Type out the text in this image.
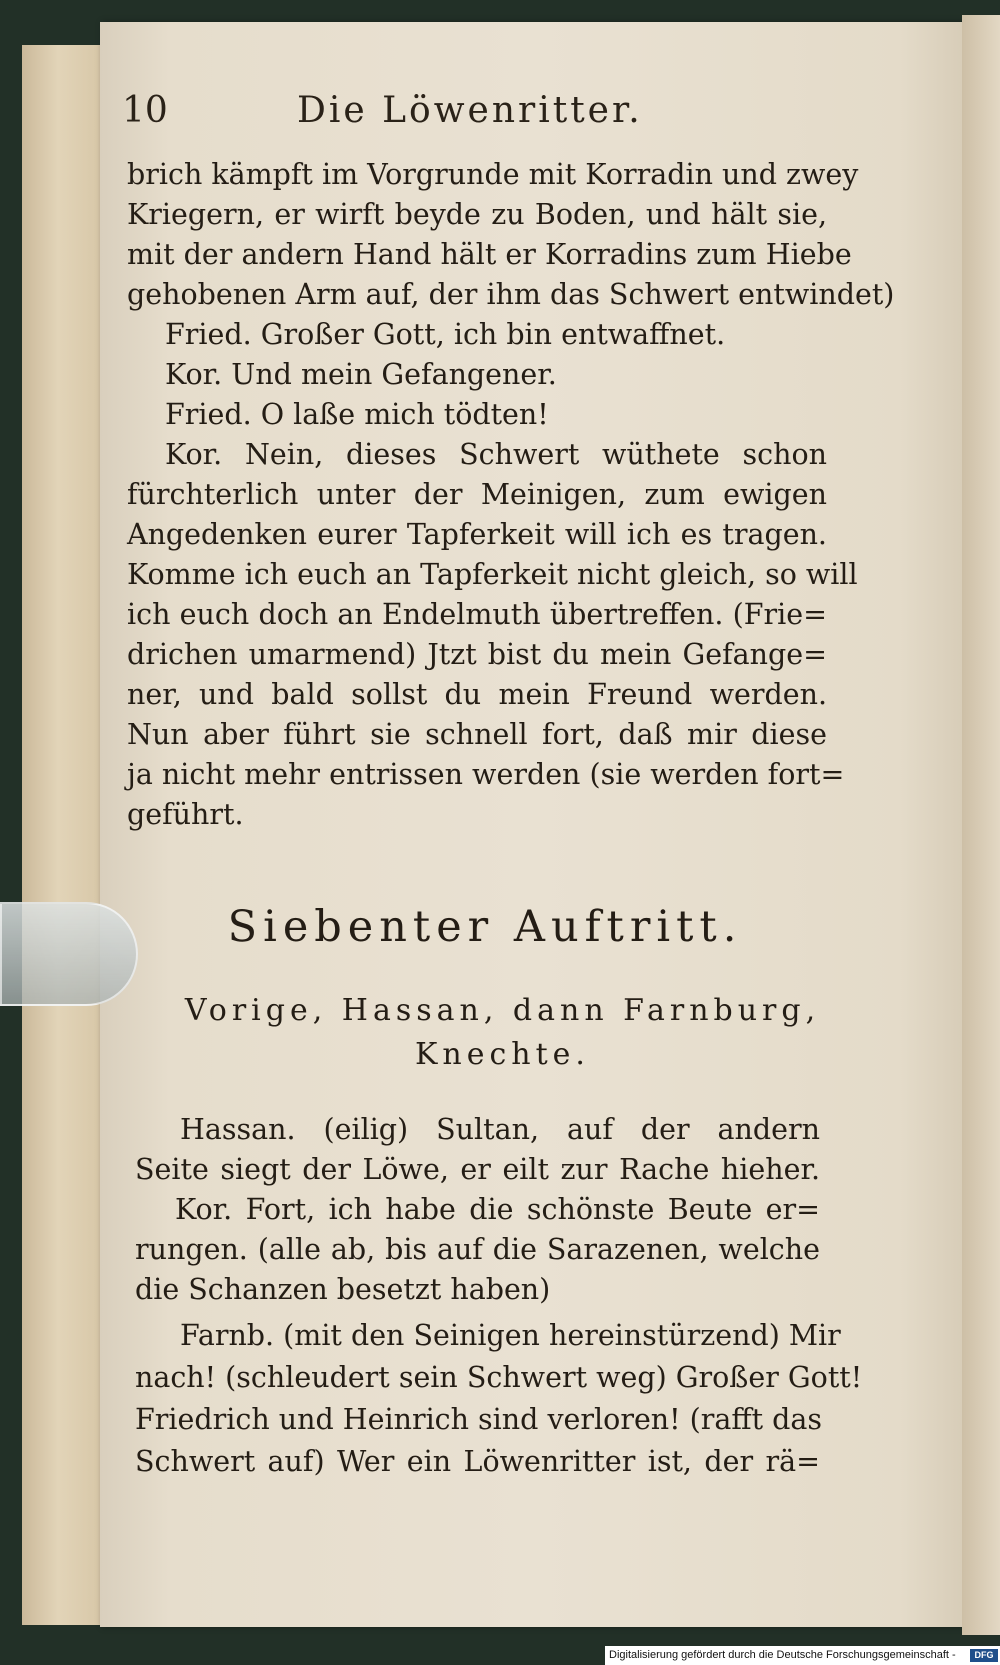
10	Die Löwenritter.
brich kämpft im Vorgrunde mit Korradin und zwey
Kriegern, er wirft beyde zu Boden, und hält sie,
mit der andern Hand hält er Korradins zum Hiebe
gehobenen Arm auf, der ihm das Schwert entwindet)
Fried. Großer Gott, ich bin entwaffnet.
Kor. Und mein Gefangener.
Fried. O laße mich tödten!
Kor. Nein, dieses Schwert wüthete schon
fürchterlich unter der Meinigen, zum ewigen
Angedenken eurer Tapferkeit will ich es tragen.
Komme ich euch an Tapferkeit nicht gleich, so will
ich euch doch an Endelmuth übertreffen. (Frie=
drichen umarmend) Jtzt bist du mein Gefange=
ner, und bald sollst du mein Freund werden.
Nun aber führt sie schnell fort, daß mir diese
ja nicht mehr entrissen werden (sie werden fort=
geführt.
Siebenter Auftritt.
Vorige, Hassan, dann Farnburg,
Knechte.
Hassan. (eilig) Sultan, auf der andern
Seite siegt der Löwe, er eilt zur Rache hieher.
Kor. Fort, ich habe die schönste Beute er=
rungen. (alle ab, bis auf die Sarazenen, welche
die Schanzen besetzt haben)
Farnb. (mit den Seinigen hereinstürzend) Mir
nach! (schleudert sein Schwert weg) Großer Gott!
Friedrich und Heinrich sind verloren! (rafft das
Schwert auf) Wer ein Löwenritter ist, der rä=
Digitalisierung gefördert durch die Deutsche Forschungsgemeinschaft -	DFG
